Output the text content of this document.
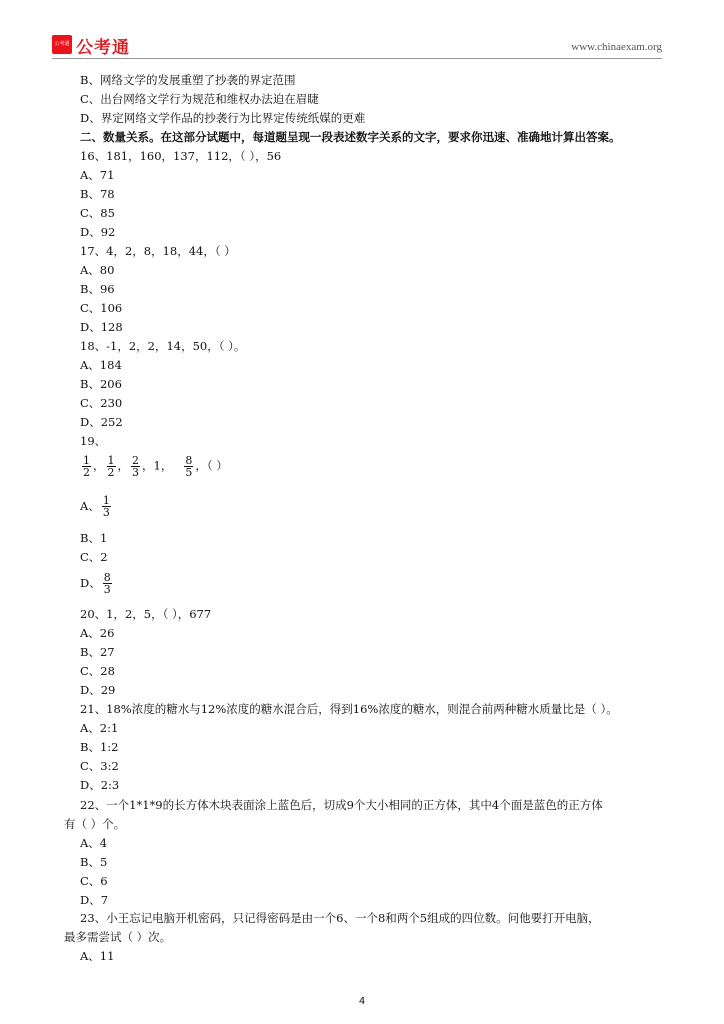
公考通 公考通	www.chinaexam.org
B、网络文学的发展重塑了抄袭的界定范围
C、出台网络文学行为规范和维权办法迫在眉睫
D、界定网络文学作品的抄袭行为比界定传统纸媒的更难
二、数量关系。在这部分试题中，每道题呈现一段表述数字关系的文字，要求你迅速、准确地计算出答案。
16、181，160，137，112，（ ），56
A、71
B、78
C、85
D、92
17、4，2，8，18，44，（ ）
A、80
B、96
C、106
D、128
18、-1，2，2，14，50，（ ）。
A、184
B、206
C、230
D、252
19、
$\frac{1}{2}$ ， $\frac{1}{2}$ ， $\frac{2}{3}$ ，1， $\frac{8}{5}$ ，（ ）
A、 $\frac{1}{3}$
B、1
C、2
D、 $\frac{8}{3}$
20、1，2，5，（ ），677
A、26
B、27
C、28
D、29
21、18%浓度的糖水与12%浓度的糖水混合后，得到16%浓度的糖水，则混合前两种糖水质量比是（ ）。
A、2:1
B、1:2
C、3:2
D、2:3
22、一个1*1*9的长方体木块表面涂上蓝色后，切成9个大小相同的正方体，其中4个面是蓝色的正方体
有（ ）个。
A、4
B、5
C、6
D、7
23、小王忘记电脑开机密码，只记得密码是由一个6、一个8和两个5组成的四位数。问他要打开电脑，
最多需尝试（ ）次。
A、11
4
